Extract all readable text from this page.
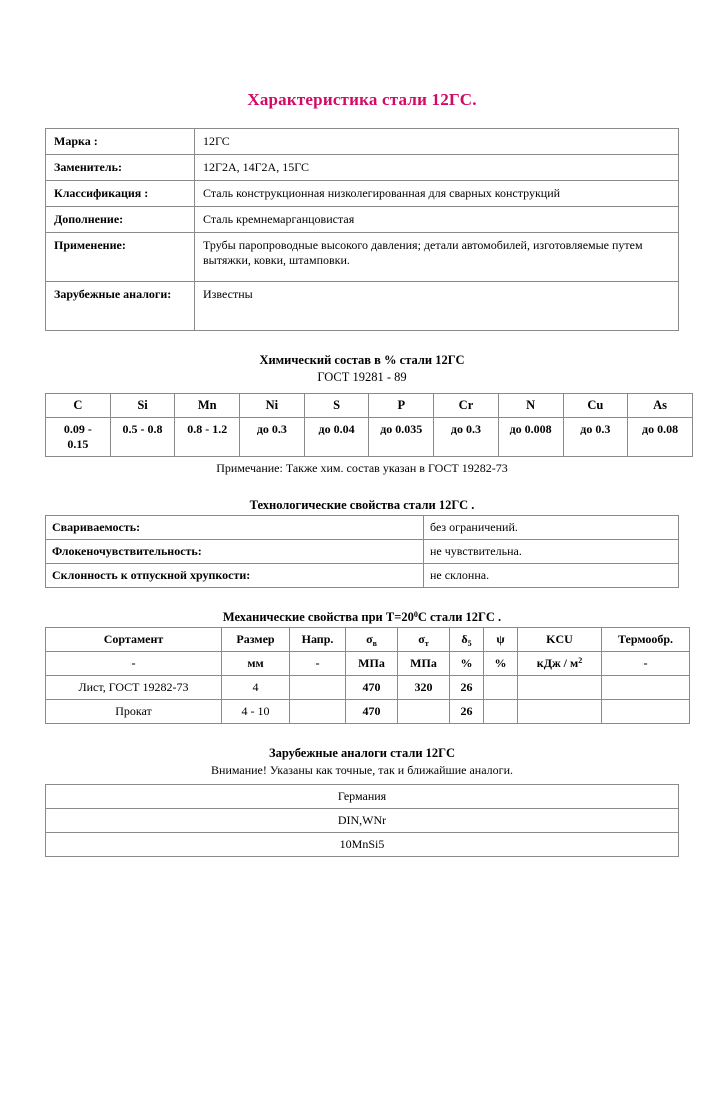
Характеристика стали 12ГС.
Марка :	12ГС
Заменитель:	12Г2А, 14Г2А, 15ГС
Классификация :	Сталь конструкционная низколегированная для сварных конструкций
Дополнение:	Сталь кремнемарганцовистая
Применение:	Трубы паропроводные высокого давления; детали автомобилей, изготовляемые путем вытяжки, ковки, штамповки.
Зарубежные аналоги:	Известны
Химический состав в % стали 12ГС
ГОСТ 19281 - 89
C	Si	Mn	Ni	S	P	Cr	N	Cu	As
0.09 - 0.15	0.5 - 0.8	0.8 - 1.2	до 0.3	до 0.04	до 0.035	до 0.3	до 0.008	до 0.3	до 0.08
Примечание: Также хим. состав указан в ГОСТ 19282-73
Технологические свойства стали 12ГС .
Свариваемость:	без ограничений.
Флокеночувствительность:	не чувствительна.
Склонность к отпускной хрупкости:	не склонна.
Механические свойства при $Т=20^0С$ стали 12ГС .
Сортамент	Размер	Напр.	$\sigma_в$	$\sigma_т$	$\delta_5$	ψ	KCU	Термообр.
-	мм	-	МПа	МПа	%	%	кДж / $м^2$	-
Лист, ГОСТ 19282-73	4		470	320	26			
Прокат	4 - 10		470		26			
Зарубежные аналоги стали 12ГС
Внимание! Указаны как точные, так и ближайшие аналоги.
Германия
DIN,WNr
10MnSi5
